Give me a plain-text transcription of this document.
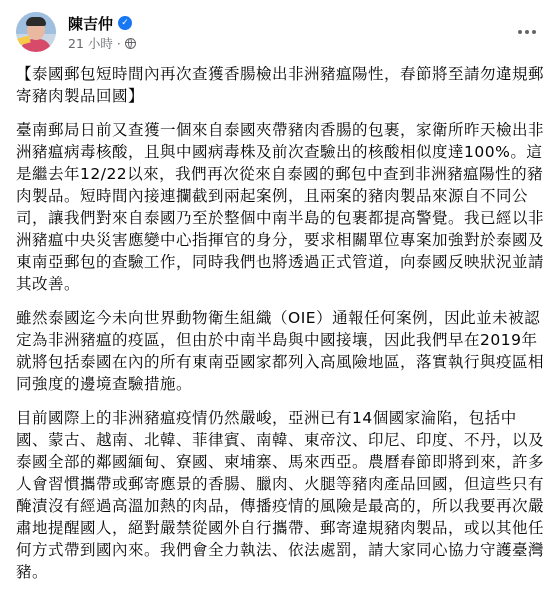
陳吉仲 ✓
21 小時 ·

【泰國郵包短時間內再次查獲香腸檢出非洲豬瘟陽性，春節將至請勿違規郵寄豬肉製品回國】

臺南郵局日前又查獲一個來自泰國夾帶豬肉香腸的包裹，家衛所昨天檢出非洲豬瘟病毒核酸，且與中國病毒株及前次查驗出的核酸相似度達100%。這是繼去年12/22以來，我們再次從來自泰國的郵包中查到非洲豬瘟陽性的豬肉製品。短時間內接連攔截到兩起案例，且兩案的豬肉製品來源自不同公司，讓我們對來自泰國乃至於整個中南半島的包裹都提高警覺。我已經以非洲豬瘟中央災害應變中心指揮官的身分，要求相關單位專案加強對於泰國及東南亞郵包的查驗工作，同時我們也將透過正式管道，向泰國反映狀況並請其改善。

雖然泰國迄今未向世界動物衛生組織（OIE）通報任何案例，因此並未被認定為非洲豬瘟的疫區，但由於中南半島與中國接壤，因此我們早在2019年就將包括泰國在內的所有東南亞國家都列入高風險地區，落實執行與疫區相同強度的邊境查驗措施。

目前國際上的非洲豬瘟疫情仍然嚴峻，亞洲已有14個國家淪陷，包括中國、蒙古、越南、北韓、菲律賓、南韓、東帝汶、印尼、印度、不丹，以及泰國全部的鄰國緬甸、寮國、柬埔寨、馬來西亞。農曆春節即將到來，許多人會習慣攜帶或郵寄應景的香腸、臘肉、火腿等豬肉產品回國，但這些只有醃漬沒有經過高溫加熱的肉品，傳播疫情的風險是最高的，所以我要再次嚴肅地提醒國人，絕對嚴禁從國外自行攜帶、郵寄違規豬肉製品，或以其他任何方式帶到國內來。我們會全力執法、依法處罰，請大家同心協力守護臺灣豬。
